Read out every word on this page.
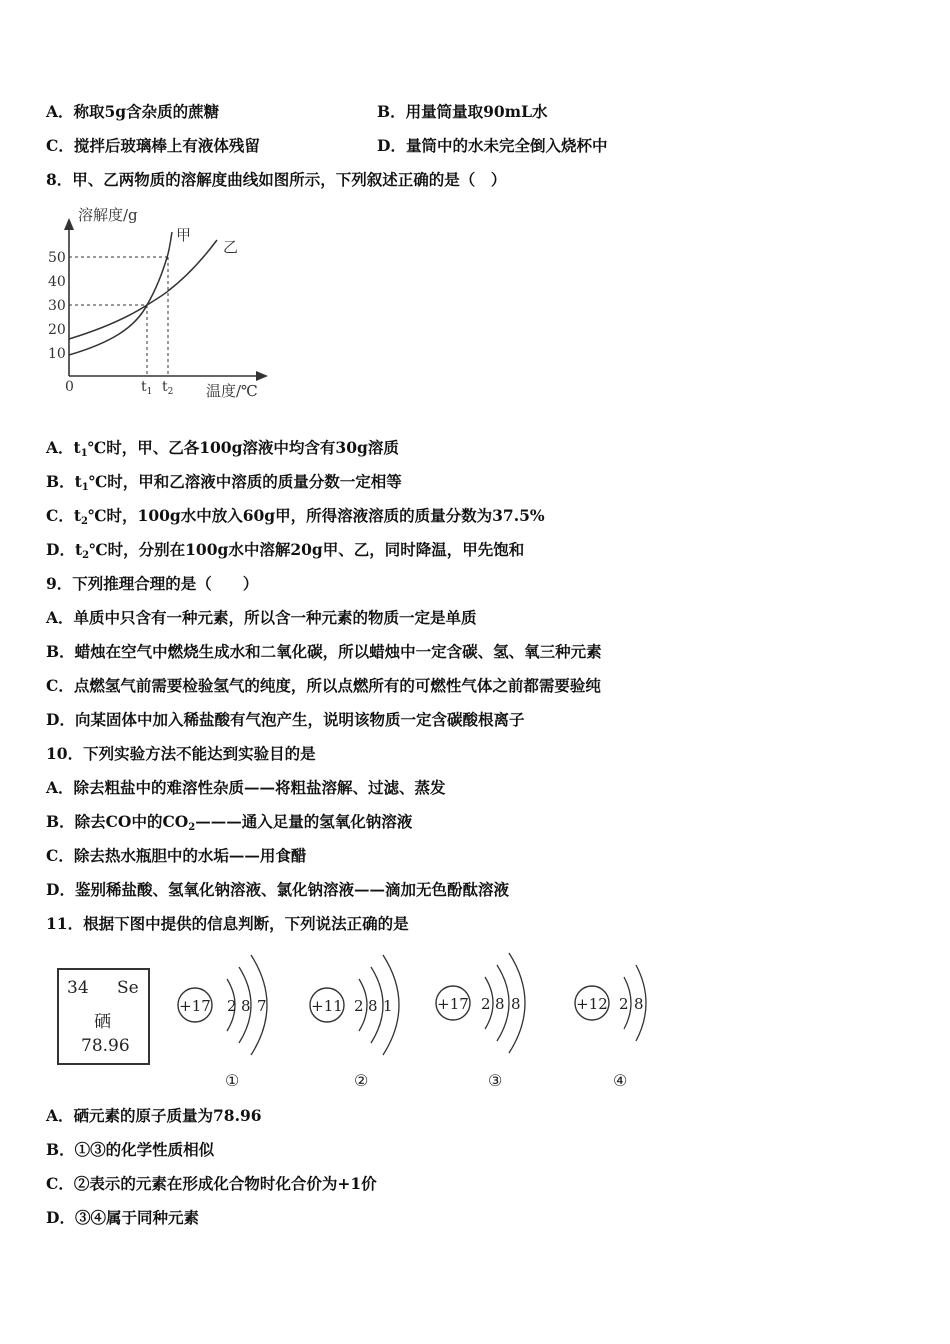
A．称取5g含杂质的蔗糖	B．用量筒量取90mL水
C．搅拌后玻璃棒上有液体残留	D．量筒中的水未完全倒入烧杯中
8．甲、乙两物质的溶解度曲线如图所示，下列叙述正确的是（　）
溶解度/g
温度/℃
0
10
20
30
40
50
甲
乙
$t_1$ $t_2$
A．$t_1℃$时，甲、乙各100g溶液中均含有30g溶质
B．$t_1℃$时，甲和乙溶液中溶质的质量分数一定相等
C．$t_2℃$时，100g水中放入60g甲，所得溶液溶质的质量分数为37.5%
D．$t_2℃$时，分别在100g水中溶解20g甲、乙，同时降温，甲先饱和
9．下列推理合理的是（　　）
A．单质中只含有一种元素，所以含一种元素的物质一定是单质
B．蜡烛在空气中燃烧生成水和二氧化碳，所以蜡烛中一定含碳、氢、氧三种元素
C．点燃氢气前需要检验氢气的纯度，所以点燃所有的可燃性气体之前都需要验纯
D．向某固体中加入稀盐酸有气泡产生，说明该物质一定含碳酸根离子
10．下列实验方法不能达到实验目的是
A．除去粗盐中的难溶性杂质——将粗盐溶解、过滤、蒸发
B．除去CO中的$CO_2———$通入足量的氢氧化钠溶液
C．除去热水瓶胆中的水垢——用食醋
D．鉴别稀盐酸、氢氧化钠溶液、氯化钠溶液——滴加无色酚酞溶液
11．根据下图中提供的信息判断，下列说法正确的是
34 Se
硒
78.96
+17 2 8 7
①
+11 2 8 1
②
+17 2 8 8
③
+12 2 8
④
A．硒元素的原子质量为78.96
B．①③的化学性质相似
C．②表示的元素在形成化合物时化合价为+1价
D．③④属于同种元素
